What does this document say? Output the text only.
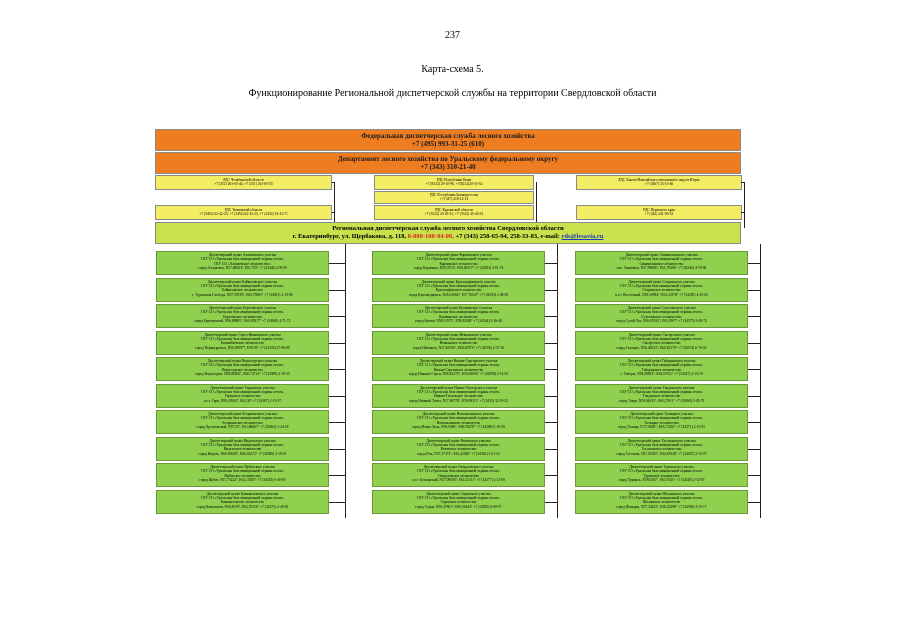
237
Карта-схема 5.
Функционирование Региональной диспетчерской службы на территории Свердловской области
Федеральная диспетчерская служба лесного хозяйства
+7 (495) 993-31-25 (610)
Департамент лесного хозяйства по Уральскому федеральному округу
+7 (343) 310-21-40
РДС Челябинской области
+7 (351) 263-63-44, +7 (351) 261-65-55
РДС Республики Коми
+7 (8212) 29-10-90, +7(8212)20-10-52
РДС Ханты-Мансийского автономного округа-Югры
+7 (3467) 33-15-46
РДС Республики Башкортостан
+7 (347) 218-14-14
РДС Тюменской области
+7 (3452) 62-42-23, +7 (3452) 62-42-23, +7 (3452) 32-41-71
РДС Курганской области
+7 (3522) 45-43-51, +7 (3522) 45-43-61
РДС Пермского края
+7 (342) 241-06-52
Региональная диспетчерская служба лесного хозяйства Свердловской области
г. Екатеринбург, ул. Щербакова, д. 118, 8-800-100-94-00, +7 (343) 258-65-94, 258-33-83, e-mail: rds@lesavia.ru
Диспетчерский пункт Алапаевского участка
ГБУ СО «Уральская база авиационной охраны лесов»
ГКУ СО «Алапаевское лесничество»
город Алапаевск, N57,86944°, E61,705° +7 (34346) 318-59
Диспетчерский пункт Байкаловского участка
ГБУ СО «Уральская база авиационной охраны лесов»
Байкаловское лесничество
г. Туринская Слобода, N57,59519°, E63,70065° +7 (34361) 2-13-06
Диспетчерский пункт Березовского участка
ГБУ СО «Уральская база авиационной охраны лесов»
Березовское лесничество
город Березовский, N56,89885°, E60,85917° +7 (34369) 4-71-72
Диспетчерский пункт Серго-Ивановского участка
ГБУ СО «Уральская база авиационной охраны лесов»
Билимбаевское лесничество
город Первоуральск, N56,90597°, E59,93° +7 (34339) 27-96-09
Диспетчерский пункт Верхотурского участка
ГБУ СО «Уральская база авиационной охраны лесов»
Верхотурское лесничество
город Верхотурье, N58,86505°, E60,74714° +7 (34389) 2-19-35
Диспетчерский пункт Гаринского участка
ГБУ СО «Уральская база авиационной охраны лесов»
Гаринское лесничество
п.г.т. Гари, N59,43944°, E62,36° +7 (34387) 2-13-97
Диспетчерский пункт Егоршинского участка
ГБУ СО «Уральская база авиационной охраны лесов»
Егоршинское лесничество
город Артемовский, N57,35°, E61,86667° +7 (34363) 2-24-18
Диспетчерский пункт Ивдельского участка
ГБУ СО «Уральская база авиационной охраны лесов»
Ивдельское лесничество
город Ивдель, N60,69028°, E60,43472° +7 (34386) 2-19-01
Диспетчерский пункт Ирбитского участка
ГБУ СО «Уральская база авиационной охраны лесов»
Ирбитское лесничество
город Ирбит, N57,75222°, E63,15583° +7 (34355) 6-40-65
Диспетчерский пункт Камышловского участка
ГБУ СО «Уральская база авиационной охраны лесов»
Камышловское лесничество
город Камышлов, N56,8519°, E62,70116° +7 (34375) 2-49-50
Диспетчерский пункт Карпинского участка
ГБУ СО «Уральская база авиационной охраны лесов»
Карпинское лесничество
город Карпинск, N59,7672°, E60,00117° +7 (34383) 3-61-74
Диспетчерский пункт Красноуфимского участка
ГБУ СО «Уральская база авиационной охраны лесов»
Красноуфимское лесничество
город Красноуфимск, N56,61664°, E57,76647° +7 (34394) 2-48-05
Диспетчерский пункт Кушвинского участка
ГБУ СО «Уральская база авиационной охраны лесов»
Кушвинское лесничество
город Кушва, N58,31579°, E59,82028° +7 (34344) 2-26-48
Диспетчерский пункт Невьянского участка
ГБУ СО «Уральская база авиационной охраны лесов»
Невьянское лесничество
город Невьянск, N57,49194°, E60,20972° +7 (34356) 2-37-36
Диспетчерский пункт Нижне-Сергинского участка
ГБУ СО «Уральская база авиационной охраны лесов»
Нижне-Сергинское лесничество
город Нижние Серги, N56,65278°, E59,29694° +7 (34398) 2-12-81
Диспетчерский пункт Нижне-Тагильского участка
ГБУ СО «Уральская база авиационной охраны лесов»
Нижне-Тагильское лесничество
город Нижний Тагил, N57,90778°, E59,98111° +7 (3435) 32-19-22
Диспетчерский пункт Новолялинского участка
ГБУ СО «Уральская база авиационной охраны лесов»
Новолялинское лесничество
город Новая Ляля, N59,0496°, E60,59278° +7 (34388) 2-10-59
Диспетчерский пункт Режевского участка
ГБУ СО «Уральская база авиационной охраны лесов»
Режевское лесничество
город Реж, N57,37472°, E61,42028° +7 (34364) 2-21-41
Диспетчерский пункт Свердловского участка
ГБУ СО «Уральская база авиационной охраны лесов»
Свердловское лесничество
п.г.т. Белоярский, N57,09056°, E61,02111° +7 (34377) 2-13-09
Диспетчерский пункт Серовского участка
ГБУ СО «Уральская база авиационной охраны лесов»
Серовское лесничество
город Серов, N59,47861°, E60,56444° +7 (34385) 6-08-57
Диспетчерский пункт Синячихинского участка
ГБУ СО «Уральская база авиационной охраны лесов»
Синячихинское лесничество
пос. Синячиха, N57,99806°, E61,79306° +7 (34346) 4-70-96
Диспетчерский пункт Сотринского участка
ГБУ СО «Уральская база авиационной охраны лесов»
Сотринское лесничество
п.г.т. Восточный, N59,30984°, E61,23178° +7 (34385) 4-45-63
Диспетчерский пункт Сухоложского участка
ГБУ СО «Уральская база авиационной охраны лесов»
Сухоложское лесничество
город Сухой Лог, N56,95333°, E61,9917° +7 (34373) 3-49-72
Диспетчерский пункт Сысертского участка
ГБУ СО «Уральская база авиационной охраны лесов»
Сысертское лесничество
город Сысерть, N56,48333°, E60,83178° +7 (34374) 6-76-52
Диспетчерский пункт Таборинского участка
ГБУ СО «Уральская база авиационной охраны лесов»
Таборинское лесничество
с. Таборы, N58,58833°, E64,67611° +7 (34347) 2-13-19
Диспетчерский пункт Тавдинского участка
ГБУ СО «Уральская база авиационной охраны лесов»
Тавдинское лесничество
город Тавда, N58,04433°, E65,27611° +7 (34360) 5-20-70
Диспетчерский пункт Талицкого участка
ГБУ СО «Уральская база авиационной охраны лесов»
Талицкое лесничество
город Талица, N 57,0028°, E63,73335° +7 (34371) 2-13-91
Диспетчерский пункт Туголымского участка
ГБУ СО «Уральская база авиационной охраны лесов»
Туголымское лесничество
город Туголым, N57,05335°, E64,65328° +7 (34367) 2-13-07
Диспетчерский пункт Туринского участка
ГБУ СО «Уральская база авиационной охраны лесов»
Туринское лесничество
город Туринск, N58,0467°, E63,7025° +7 (34349) 2-32-87
Диспетчерский пункт Шалинского участка
ГБУ СО «Уральская база авиационной охраны лесов»
Шалинское лесничество
город Шамары, N57,34433°, E58,22298° +7 (34358) 4-15-17
